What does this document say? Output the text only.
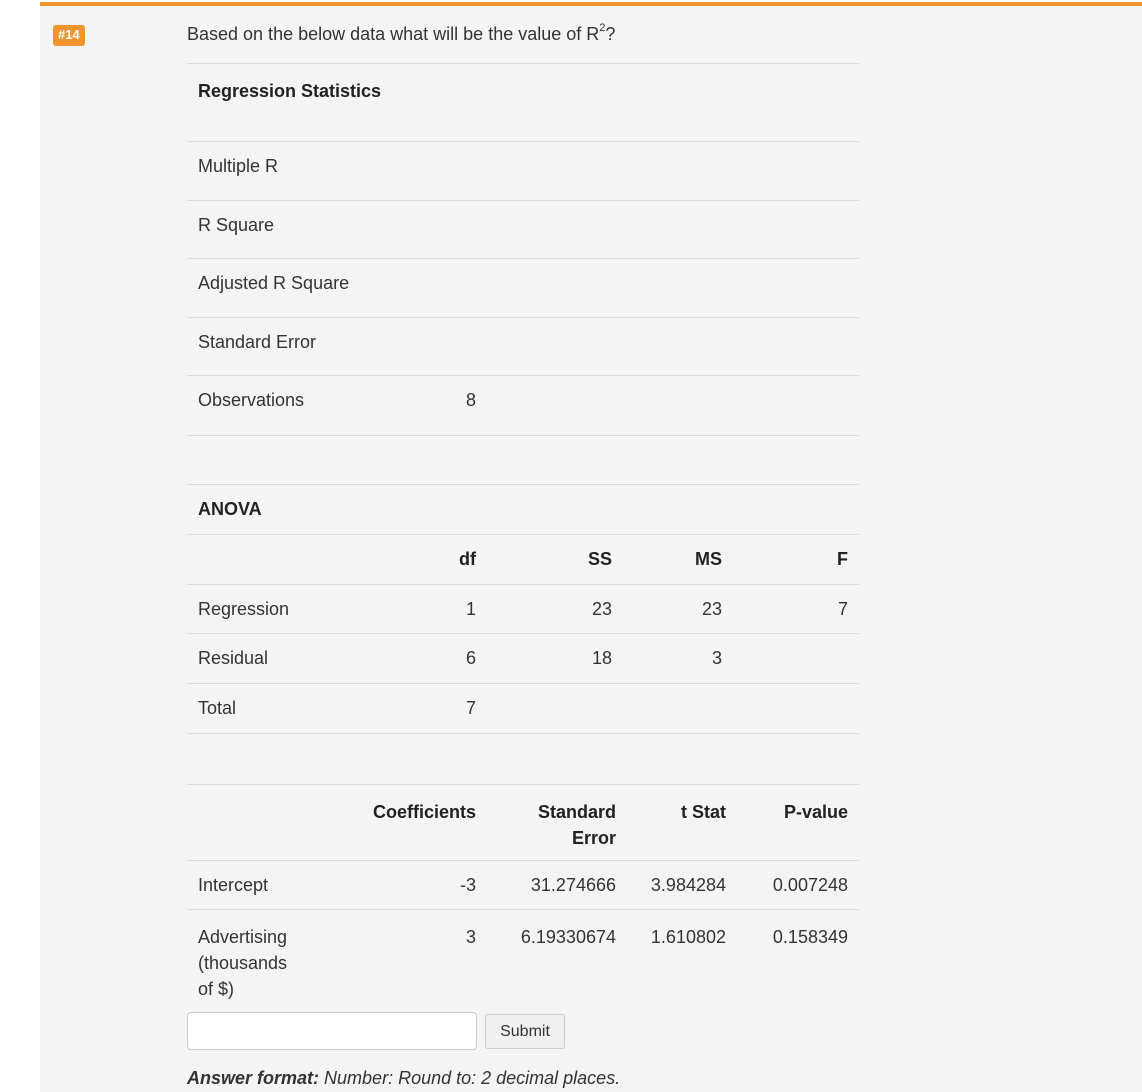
#14	Based on the below data what will be the value of $R^2$?
Regression Statistics				
Multiple R				
R Square				
Adjusted R Square				
Standard Error				
Observations	8			
ANOVA				
	df	SS	MS	F
Regression	1	23	23	7
Residual	6	18	3	
Total	7			
	Coefficients	Standard Error	t Stat	P-value
Intercept	-3	31.274666	3.984284	0.007248
Advertising (thousands of $)	3	6.19330674	1.610802	0.158349
Submit
Answer format: Number: Round to: 2 decimal places.
